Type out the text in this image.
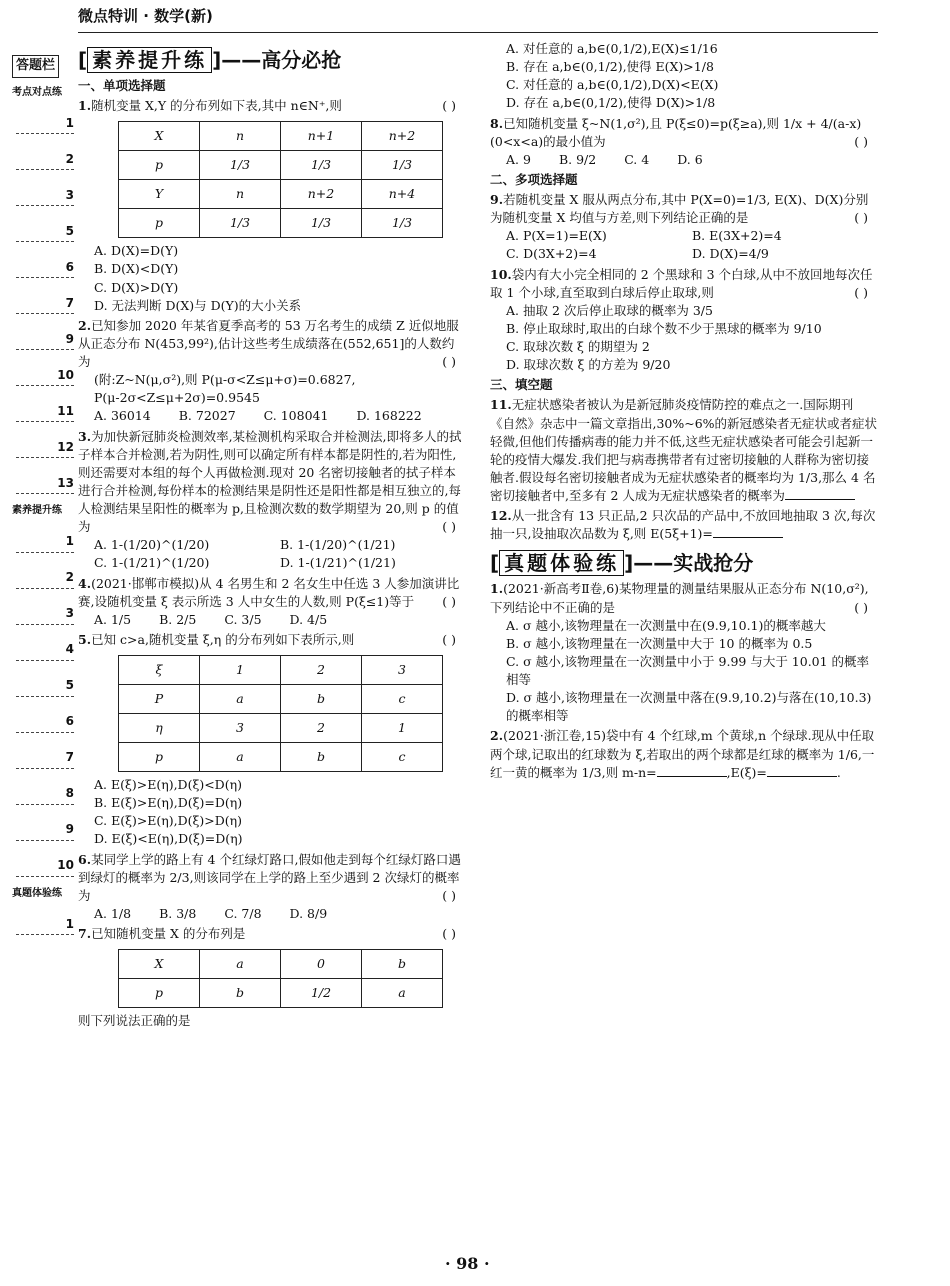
微点特训 · 数学(新)
答题栏
考点对点练
1
2
3
5
6
7
9
10
11
12
13
素养提升练
1
2
3
4
5
6
7
8
9
10
真题体验练
1
[ 素养提升练 ]——高分必抢
一、单项选择题
1.随机变量 X,Y 的分布列如下表,其中 n∈N⁺,则	( )
X	n	n+1	n+2
p	1/3	1/3	1/3
Y	n	n+2	n+4
p	1/3	1/3	1/3
A. D(X)=D(Y)
B. D(X)<D(Y)
C. D(X)>D(Y)
D. 无法判断 D(X)与 D(Y)的大小关系
2.已知参加 2020 年某省夏季高考的 53 万名考生的成绩 Z 近似地服从正态分布 N(453,99²),估计这些考生成绩落在(552,651]的人数约为	( )
(附:Z~N(μ,σ²),则 P(μ-σ<Z≤μ+σ)=0.6827, P(μ-2σ<Z≤μ+2σ)=0.9545
A. 36014 B. 72027 C. 108041 D. 168222
3.为加快新冠肺炎检测效率,某检测机构采取合并检测法,即将多人的拭子样本合并检测,若为阴性,则可以确定所有样本都是阴性的,若为阳性,则还需要对本组的每个人再做检测.现对 20 名密切接触者的拭子样本进行合并检测,每份样本的检测结果是阴性还是阳性都是相互独立的,每人检测结果呈阳性的概率为 p,且检测次数的数学期望为 20,则 p 的值为	( )
A. 1-(1/20)^(1/20)	B. 1-(1/20)^(1/21)
C. 1-(1/21)^(1/20)	D. 1-(1/21)^(1/21)
4.(2021·邯郸市模拟)从 4 名男生和 2 名女生中任选 3 人参加演讲比赛,设随机变量 ξ 表示所选 3 人中女生的人数,则 P(ξ≤1)等于 ( )
A. 1/5 B. 2/5 C. 3/5 D. 4/5
5.已知 c>a,随机变量 ξ,η 的分布列如下表所示,则	( )
ξ	1	2	3
P	a	b	c
η	3	2	1
p	a	b	c
A. E(ξ)>E(η),D(ξ)<D(η)
B. E(ξ)>E(η),D(ξ)=D(η)
C. E(ξ)>E(η),D(ξ)>D(η)
D. E(ξ)<E(η),D(ξ)=D(η)
6.某同学上学的路上有 4 个红绿灯路口,假如他走到每个红绿灯路口遇到绿灯的概率为 2/3,则该同学在上学的路上至少遇到 2 次绿灯的概率为	( )
A. 1/8 B. 3/8 C. 7/8 D. 8/9
7.已知随机变量 X 的分布列是	( )
X	a	0	b
p	b	1/2	a
则下列说法正确的是
A. 对任意的 a,b∈(0,1/2),E(X)≤1/16
B. 存在 a,b∈(0,1/2),使得 E(X)>1/8
C. 对任意的 a,b∈(0,1/2),D(X)<E(X)
D. 存在 a,b∈(0,1/2),使得 D(X)>1/8
8.已知随机变量 ξ~N(1,σ²),且 P(ξ≤0)=p(ξ≥a),则 1/x + 4/(a-x) (0<x<a)的最小值为	( )
A. 9 B. 9/2 C. 4 D. 6
二、多项选择题
9.若随机变量 X 服从两点分布,其中 P(X=0)=1/3, E(X)、D(X)分别为随机变量 X 均值与方差,则下列结论正确的是	( )
A. P(X=1)=E(X)	B. E(3X+2)=4
C. D(3X+2)=4	D. D(X)=4/9
10.袋内有大小完全相同的 2 个黑球和 3 个白球,从中不放回地每次任取 1 个小球,直至取到白球后停止取球,则	( )
A. 抽取 2 次后停止取球的概率为 3/5
B. 停止取球时,取出的白球个数不少于黑球的概率为 9/10
C. 取球次数 ξ 的期望为 2
D. 取球次数 ξ 的方差为 9/20
三、填空题
11.无症状感染者被认为是新冠肺炎疫情防控的难点之一.国际期刊《自然》杂志中一篇文章指出,30%~6%的新冠感染者无症状或者症状轻微,但他们传播病毒的能力并不低,这些无症状感染者可能会引起新一轮的疫情大爆发.我们把与病毒携带者有过密切接触的人群称为密切接触者.假设每名密切接触者成为无症状感染者的概率均为 1/3,那么 4 名密切接触者中,至多有 2 人成为无症状感染者的概率为
12.从一批含有 13 只正品,2 只次品的产品中,不放回地抽取 3 次,每次抽一只,设抽取次品数为 ξ,则 E(5ξ+1)=
[ 真题体验练 ]——实战抢分
1.(2021·新高考Ⅱ卷,6)某物理量的测量结果服从正态分布 N(10,σ²),下列结论中不正确的是	( )
A. σ 越小,该物理量在一次测量中在(9.9,10.1)的概率越大
B. σ 越小,该物理量在一次测量中大于 10 的概率为 0.5
C. σ 越小,该物理量在一次测量中小于 9.99 与大于 10.01 的概率相等
D. σ 越小,该物理量在一次测量中落在(9.9,10.2)与落在(10,10.3)的概率相等
2.(2021·浙江卷,15)袋中有 4 个红球,m 个黄球,n 个绿球.现从中任取两个球,记取出的红球数为 ξ,若取出的两个球都是红球的概率为 1/6,一红一黄的概率为 1/3,则 m-n=	,E(ξ)=	.
· 98 ·
